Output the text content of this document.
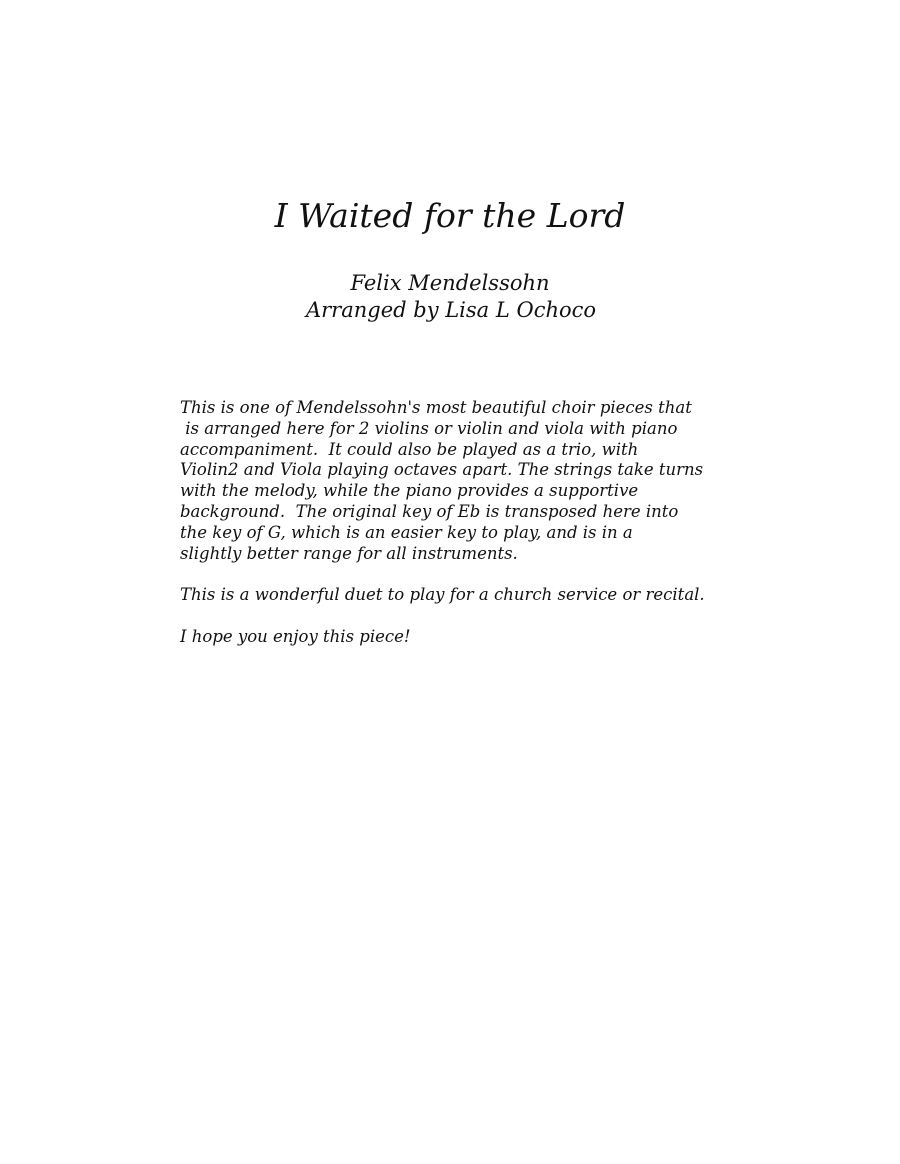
I Waited for the Lord
Felix Mendelssohn
Arranged by Lisa L Ochoco

This is one of Mendelssohn's most beautiful choir pieces that
is arranged here for 2 violins or violin and viola with piano
accompaniment.  It could also be played as a trio, with
Violin2 and Viola playing octaves apart. The strings take turns
with the melody, while the piano provides a supportive
background.  The original key of Eb is transposed here into
the key of G, which is an easier key to play, and is in a
slightly better range for all instruments.

This is a wonderful duet to play for a church service or recital.

I hope you enjoy this piece!
